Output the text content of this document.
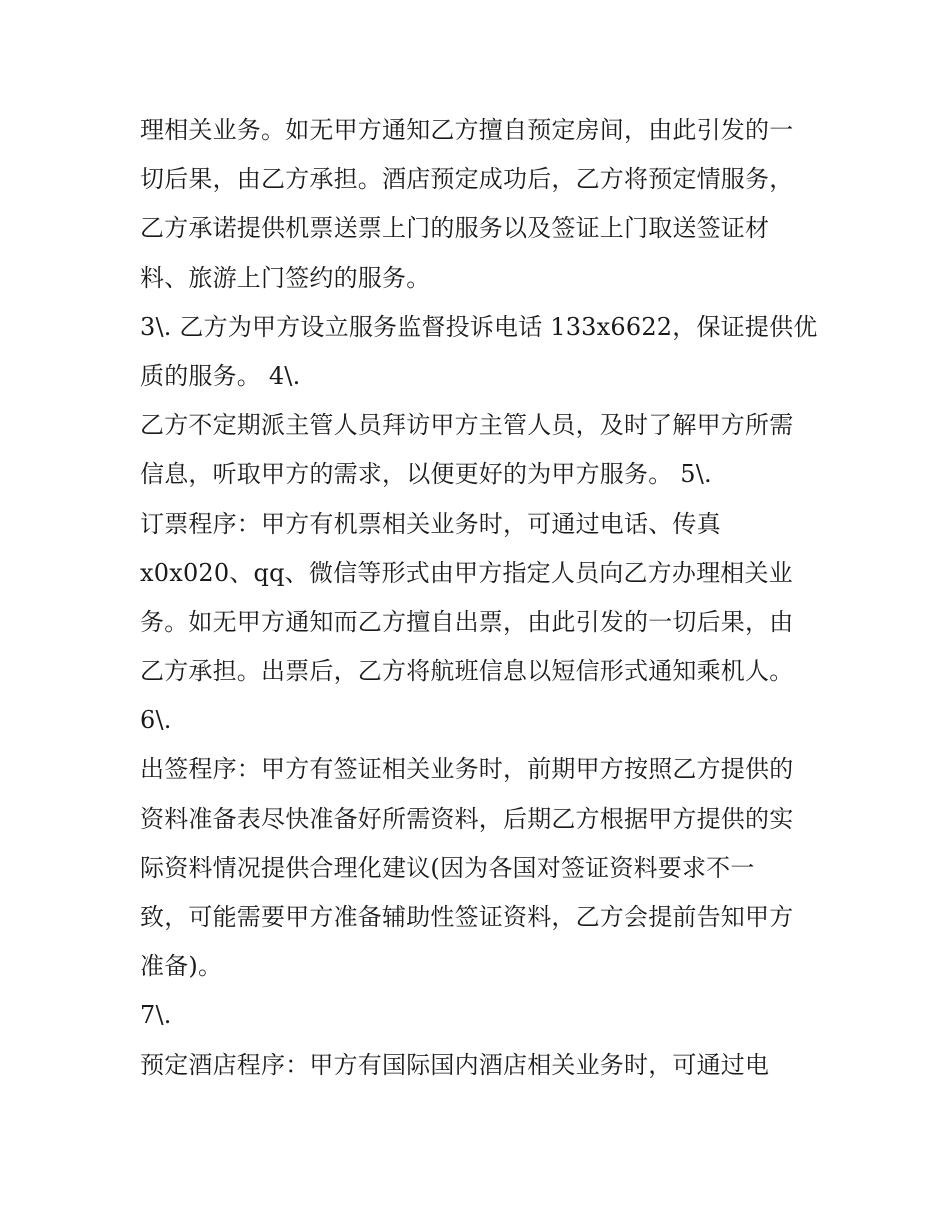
理相关业务。如无甲方通知乙方擅自预定房间，由此引发的一
切后果，由乙方承担。酒店预定成功后，乙方将预定情服务，
乙方承诺提供机票送票上门的服务以及签证上门取送签证材
料、旅游上门签约的服务。
3\. 乙方为甲方设立服务监督投诉电话 133x6622，保证提供优
质的服务。 4\.
乙方不定期派主管人员拜访甲方主管人员，及时了解甲方所需
信息，听取甲方的需求，以便更好的为甲方服务。 5\.
订票程序：甲方有机票相关业务时，可通过电话、传真
x0x020、qq、微信等形式由甲方指定人员向乙方办理相关业
务。如无甲方通知而乙方擅自出票，由此引发的一切后果，由
乙方承担。出票后，乙方将航班信息以短信形式通知乘机人。
6\.
出签程序：甲方有签证相关业务时，前期甲方按照乙方提供的
资料准备表尽快准备好所需资料，后期乙方根据甲方提供的实
际资料情况提供合理化建议(因为各国对签证资料要求不一
致，可能需要甲方准备辅助性签证资料，乙方会提前告知甲方
准备)。
7\.
预定酒店程序：甲方有国际国内酒店相关业务时，可通过电
